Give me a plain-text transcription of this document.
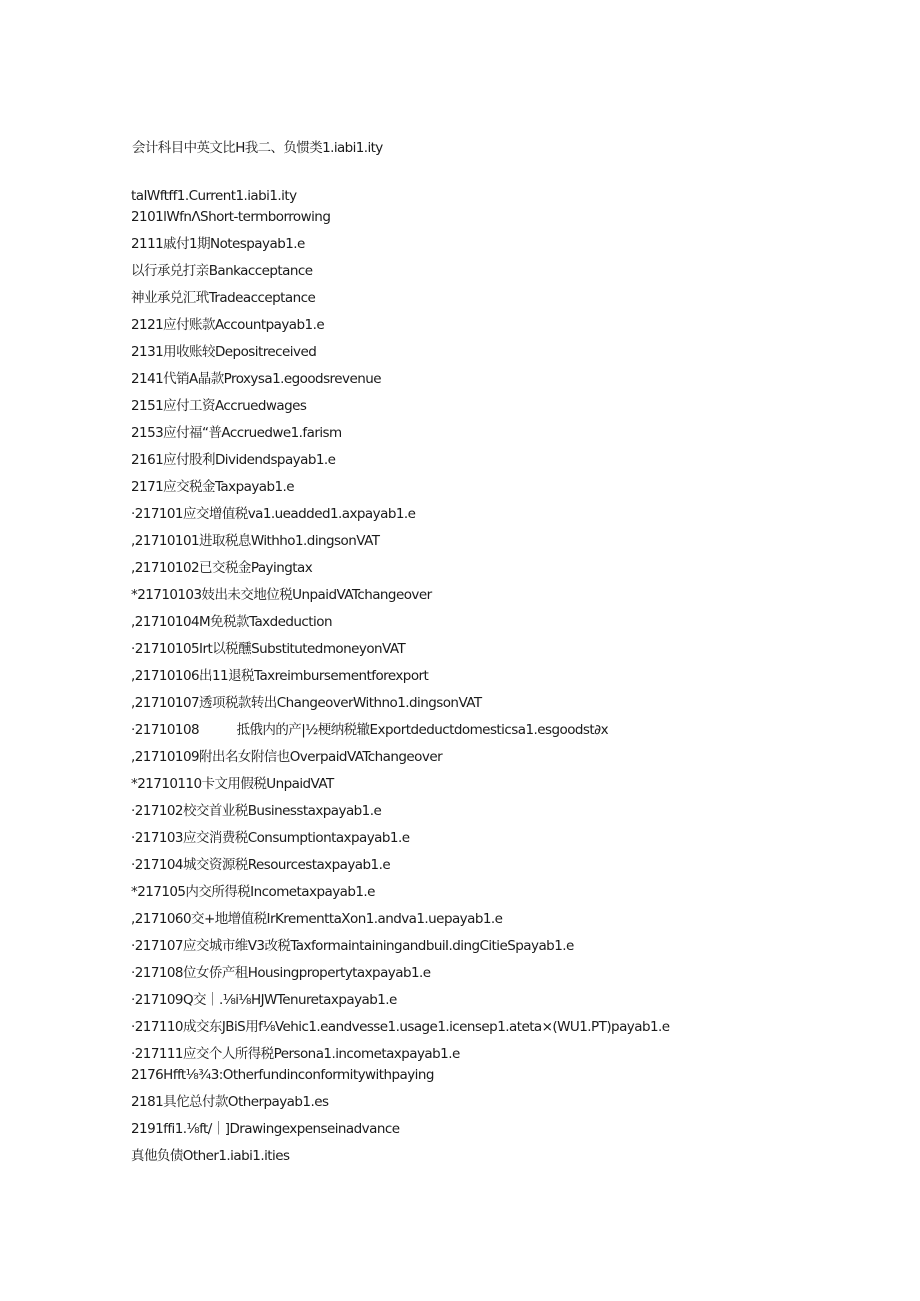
会计科目中英文比H我二、负惯类1.iabi1.ity
taIWftff1.Current1.iabi1.ity
2101lWfnΛShort-termborrowing
2111戚付1期Notespayab1.e
以行承兑打亲Bankacceptance
神业承兑汇玳Tradeacceptance
2121应付账款Accountpayab1.e
2131用收账较Depositreceived
2141代销A晶款Proxysa1.egoodsrevenue
2151应付工资Accruedwages
2153应付福“普Accruedwe1.farism
2161应付股利Dividendspayab1.e
2171应交税金Taxpayab1.e
·217101应交增值税va1.ueadded1.axpayab1.e
,21710101进取税息Withho1.dingsonVAT
,21710102已交税金Payingtax
*21710103妓出未交地位税UnpaidVATchangeover
,21710104M免税款Taxdeduction
·21710105Irt以税醺SubstitutedmoneyonVAT
,21710106出11退税Taxreimbursementforexport
,21710107透项税款转出ChangeoverWithno1.dingsonVAT
·21710108          抵俄内的产|½梗纳税辙Exportdeductdomesticsa1.esgoodst∂x
,21710109附出名女附信也OverpaidVATchangeover
*21710110卡文用假税UnpaidVAT
·217102校交首业税Businesstaxpayab1.e
·217103应交消费税Consumptiontaxpayab1.e
·217104城交资源税Resourcestaxpayab1.e
*217105内交所得税Incometaxpayab1.e
,2171060交+地增值税IrKrementtaXon1.andva1.uepayab1.e
·217107应交城市维V3改税TaxformaintainingandbuiI.dingCitieSpayab1.e
·217108位女侨产租Housingpropertytaxpayab1.e
·217109Q交｜.⅛i⅛HJWTenuretaxpayab1.e
·217110成交东JBiS用f⅛Vehic1.eandvesse1.usage1.icensep1.ateta×(WU1.PT)payab1.e
·217111应交个人所得税Persona1.incometaxpayab1.e
2176Hfft⅛¾3:Otherfundinconformitywithpaying
2181具佗总付款Otherpayab1.es
2191ffi1.⅛ft∕｜]Drawingexpenseinadvance
真他负债Other1.iabi1.ities
